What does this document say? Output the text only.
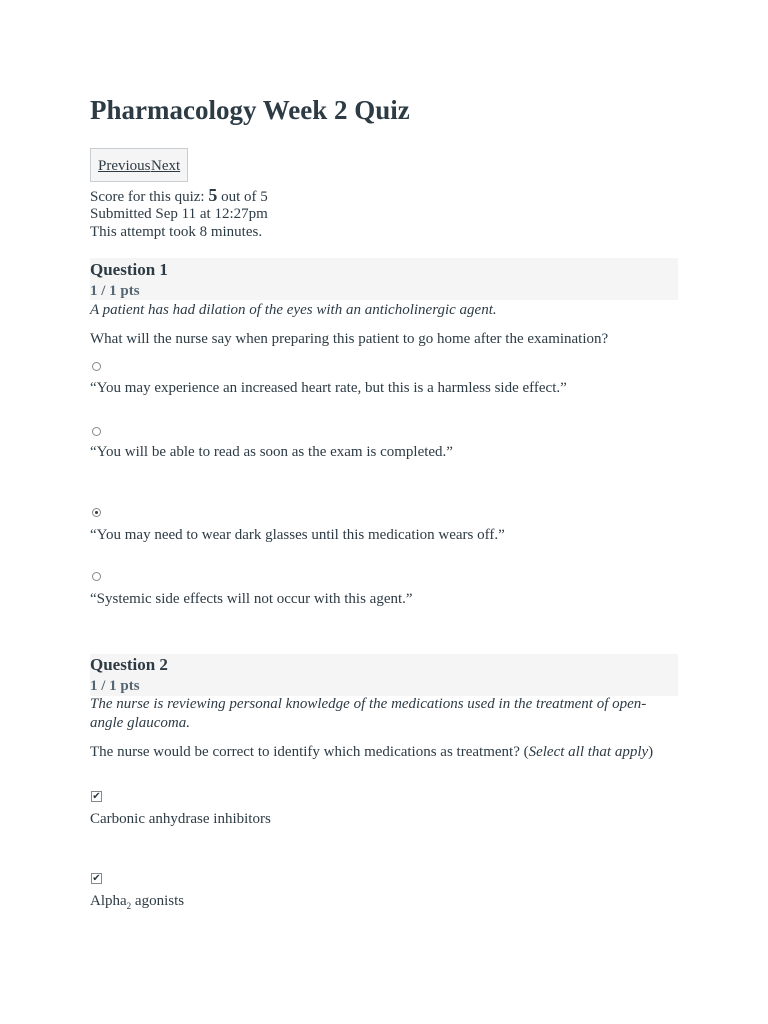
Pharmacology Week 2 Quiz
Previous Next
Score for this quiz: 5 out of 5
Submitted Sep 11 at 12:27pm
This attempt took 8 minutes.
Question 1
1 / 1 pts
A patient has had dilation of the eyes with an anticholinergic agent.
What will the nurse say when preparing this patient to go home after the examination?
“You may experience an increased heart rate, but this is a harmless side effect.”
“You will be able to read as soon as the exam is completed.”
“You may need to wear dark glasses until this medication wears off.”
“Systemic side effects will not occur with this agent.”
Question 2
1 / 1 pts
The nurse is reviewing personal knowledge of the medications used in the treatment of open-angle glaucoma.
The nurse would be correct to identify which medications as treatment? (Select all that apply)
✔
Carbonic anhydrase inhibitors
✔
Alpha$_2$ agonists
